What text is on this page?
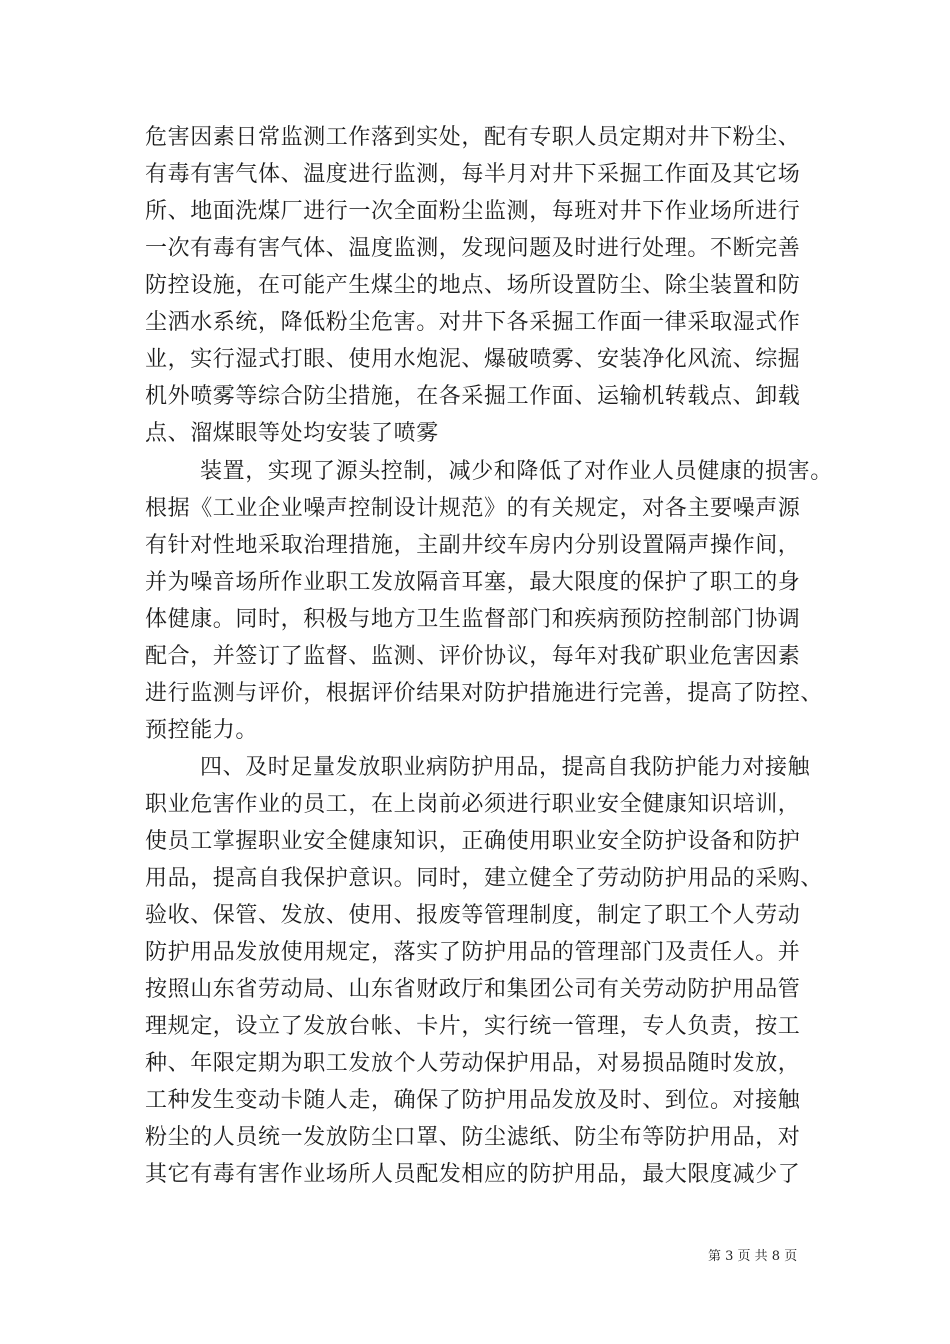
危害因素日常监测工作落到实处，配有专职人员定期对井下粉尘、
有毒有害气体、温度进行监测，每半月对井下采掘工作面及其它场
所、地面洗煤厂进行一次全面粉尘监测，每班对井下作业场所进行
一次有毒有害气体、温度监测，发现问题及时进行处理。不断完善
防控设施，在可能产生煤尘的地点、场所设置防尘、除尘装置和防
尘洒水系统，降低粉尘危害。对井下各采掘工作面一律采取湿式作
业，实行湿式打眼、使用水炮泥、爆破喷雾、安装净化风流、综掘
机外喷雾等综合防尘措施，在各采掘工作面、运输机转载点、卸载
点、溜煤眼等处均安装了喷雾
装置，实现了源头控制，减少和降低了对作业人员健康的损害。
根据《工业企业噪声控制设计规范》的有关规定，对各主要噪声源
有针对性地采取治理措施，主副井绞车房内分别设置隔声操作间，
并为噪音场所作业职工发放隔音耳塞，最大限度的保护了职工的身
体健康。同时，积极与地方卫生监督部门和疾病预防控制部门协调
配合，并签订了监督、监测、评价协议，每年对我矿职业危害因素
进行监测与评价，根据评价结果对防护措施进行完善，提高了防控、
预控能力。
四、及时足量发放职业病防护用品，提高自我防护能力对接触
职业危害作业的员工，在上岗前必须进行职业安全健康知识培训，
使员工掌握职业安全健康知识，正确使用职业安全防护设备和防护
用品，提高自我保护意识。同时，建立健全了劳动防护用品的采购、
验收、保管、发放、使用、报废等管理制度，制定了职工个人劳动
防护用品发放使用规定，落实了防护用品的管理部门及责任人。并
按照山东省劳动局、山东省财政厅和集团公司有关劳动防护用品管
理规定，设立了发放台帐、卡片，实行统一管理，专人负责，按工
种、年限定期为职工发放个人劳动保护用品，对易损品随时发放，
工种发生变动卡随人走，确保了防护用品发放及时、到位。对接触
粉尘的人员统一发放防尘口罩、防尘滤纸、防尘布等防护用品，对
其它有毒有害作业场所人员配发相应的防护用品，最大限度减少了
第 3 页 共 8 页
